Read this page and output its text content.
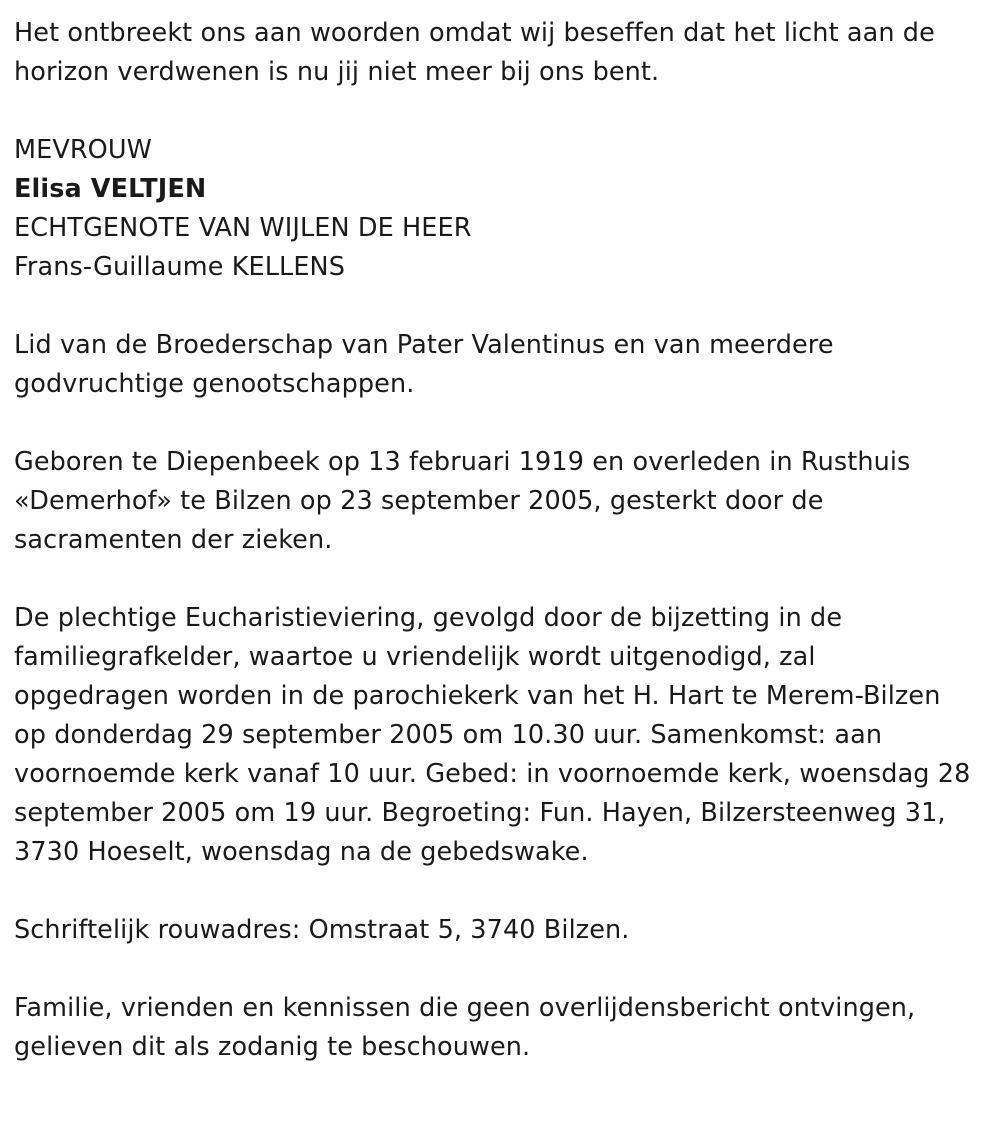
Het ontbreekt ons aan woorden omdat wij beseffen dat het licht aan de horizon verdwenen is nu jij niet meer bij ons bent.

MEVROUW

Elisa VELTJEN

ECHTGENOTE VAN WIJLEN DE HEER

Frans-Guillaume KELLENS

Lid van de Broederschap van Pater Valentinus en van meerdere godvruchtige genootschappen.

Geboren te Diepenbeek op 13 februari 1919 en overleden in Rusthuis «Demerhof» te Bilzen op 23 september 2005, gesterkt door de sacramenten der zieken.

De plechtige Eucharistieviering, gevolgd door de bijzetting in de familiegrafkelder, waartoe u vriendelijk wordt uitgenodigd, zal opgedragen worden in de parochiekerk van het H. Hart te Merem-Bilzen op donderdag 29 september 2005 om 10.30 uur. Samenkomst: aan voornoemde kerk vanaf 10 uur. Gebed: in voornoemde kerk, woensdag 28 september 2005 om 19 uur. Begroeting: Fun. Hayen, Bilzersteenweg 31, 3730 Hoeselt, woensdag na de gebedswake.

Schriftelijk rouwadres: Omstraat 5, 3740 Bilzen.

Familie, vrienden en kennissen die geen overlijdensbericht ontvingen, gelieven dit als zodanig te beschouwen.
